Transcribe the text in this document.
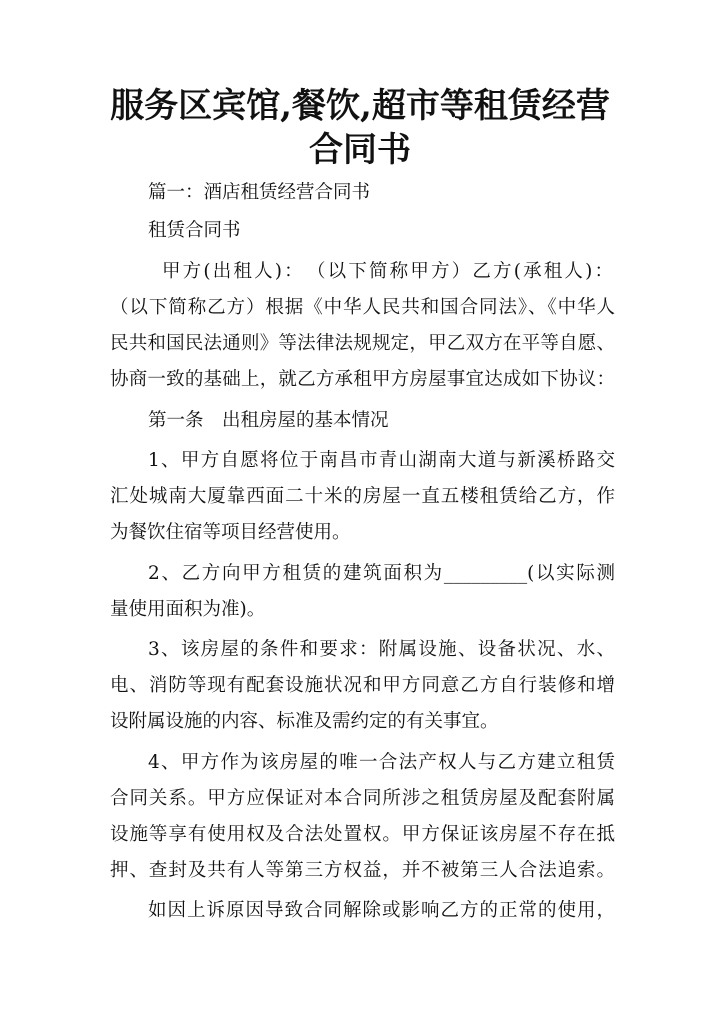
服务区宾馆,餐饮,超市等租赁经营合同书

篇一：酒店租赁经营合同书

租赁合同书

甲方(出租人)：　（以下简称甲方）乙方(承租人)：

（以下简称乙方）根据《中华人民共和国合同法》、《中华人

民共和国民法通则》等法律法规规定，甲乙双方在平等自愿、

协商一致的基础上，就乙方承租甲方房屋事宜达成如下协议：

第一条　出租房屋的基本情况

1、甲方自愿将位于南昌市青山湖南大道与新溪桥路交

汇处城南大厦靠西面二十米的房屋一直五楼租赁给乙方，作

为餐饮住宿等项目经营使用。

2、乙方向甲方租赁的建筑面积为_________(以实际测

量使用面积为准)。

3、该房屋的条件和要求：附属设施、设备状况、水、

电、消防等现有配套设施状况和甲方同意乙方自行装修和增

设附属设施的内容、标准及需约定的有关事宜。

4、甲方作为该房屋的唯一合法产权人与乙方建立租赁

合同关系。甲方应保证对本合同所涉之租赁房屋及配套附属

设施等享有使用权及合法处置权。甲方保证该房屋不存在抵

押、查封及共有人等第三方权益，并不被第三人合法追索。

如因上诉原因导致合同解除或影响乙方的正常的使用，
